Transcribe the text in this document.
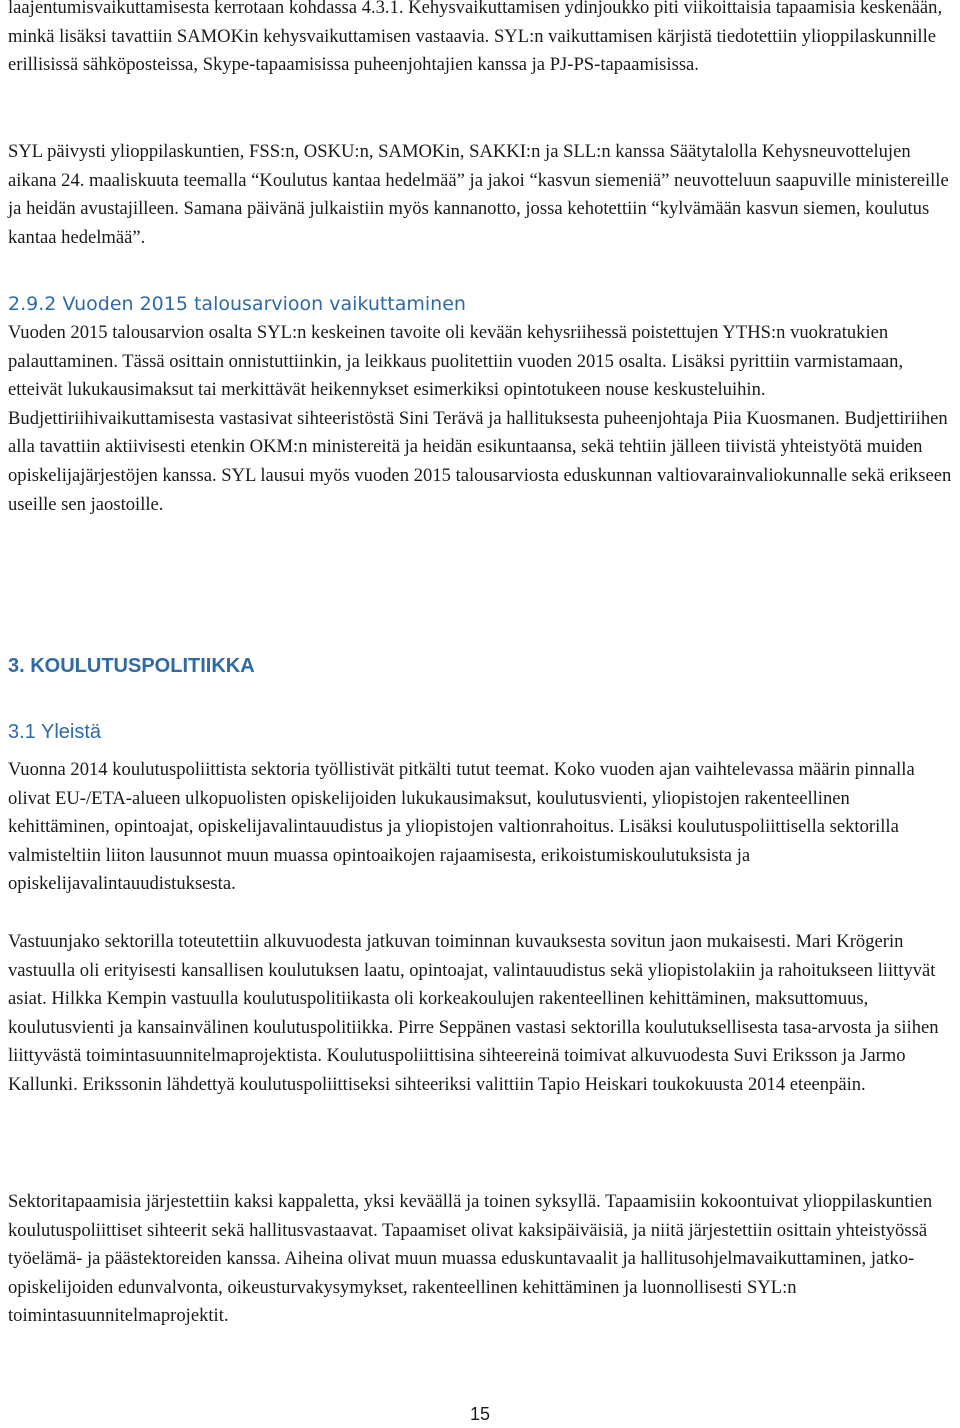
laajentumisvaikuttamisesta kerrotaan kohdassa 4.3.1. Kehysvaikuttamisen ydinjoukko piti viikoittaisia tapaamisia keskenään, minkä lisäksi tavattiin SAMOKin kehysvaikuttamisen vastaavia. SYL:n vaikuttamisen kärjistä tiedotettiin ylioppilaskunnille erillisissä sähköposteissa, Skype-tapaamisissa puheenjohtajien kanssa ja PJ-PS-tapaamisissa.

SYL päivysti ylioppilaskuntien, FSS:n, OSKU:n, SAMOKin, SAKKI:n ja SLL:n kanssa Säätytalolla Kehysneuvottelujen aikana 24. maaliskuuta teemalla “Koulutus kantaa hedelmää” ja jakoi “kasvun siemeniä” neuvotteluun saapuville ministereille ja heidän avustajilleen. Samana päivänä julkaistiin myös kannanotto, jossa kehotettiin “kylvämään kasvun siemen, koulutus kantaa hedelmää”.

2.9.2 Vuoden 2015 talousarvioon vaikuttaminen

Vuoden 2015 talousarvion osalta SYL:n keskeinen tavoite oli kevään kehysriihessä poistettujen YTHS:n vuokratukien palauttaminen. Tässä osittain onnistuttiinkin, ja leikkaus puolitettiin vuoden 2015 osalta. Lisäksi pyrittiin varmistamaan, etteivät lukukausimaksut tai merkittävät heikennykset esimerkiksi opintotukeen nouse keskusteluihin. Budjettiriihivaikuttamisesta vastasivat sihteeristöstä Sini Terävä ja hallituksesta puheenjohtaja Piia Kuosmanen. Budjettiriihen alla tavattiin aktiivisesti etenkin OKM:n ministereitä ja heidän esikuntaansa, sekä tehtiin jälleen tiivistä yhteistyötä muiden opiskelijajärjestöjen kanssa. SYL lausui myös vuoden 2015 talousarviosta eduskunnan valtiovarainvaliokunnalle sekä erikseen useille sen jaostoille.

3. KOULUTUSPOLITIIKKA
3.1 Yleistä

Vuonna 2014 koulutuspoliittista sektoria työllistivät pitkälti tutut teemat. Koko vuoden ajan vaihtelevassa määrin pinnalla olivat EU-/ETA-alueen ulkopuolisten opiskelijoiden lukukausimaksut, koulutusvienti, yliopistojen rakenteellinen kehittäminen, opintoajat, opiskelijavalintauudistus ja yliopistojen valtionrahoitus. Lisäksi koulutuspoliittisella sektorilla valmisteltiin liiton lausunnot muun muassa opintoaikojen rajaamisesta, erikoistumiskoulutuksista ja opiskelijavalintauudistuksesta.

Vastuunjako sektorilla toteutettiin alkuvuodesta jatkuvan toiminnan kuvauksesta sovitun jaon mukaisesti. Mari Krögerin vastuulla oli erityisesti kansallisen koulutuksen laatu, opintoajat, valintauudistus sekä yliopistolakiin ja rahoitukseen liittyvät asiat. Hilkka Kempin vastuulla koulutuspolitiikasta oli korkeakoulujen rakenteellinen kehittäminen, maksuttomuus, koulutusvienti ja kansainvälinen koulutuspolitiikka. Pirre Seppänen vastasi sektorilla koulutuksellisesta tasa-arvosta ja siihen liittyvästä toimintasuunnitelmaprojektista. Koulutuspoliittisina sihteereinä toimivat alkuvuodesta Suvi Eriksson ja Jarmo Kallunki. Erikssonin lähdettyä koulutuspoliittiseksi sihteeriksi valittiin Tapio Heiskari toukokuusta 2014 eteenpäin.

Sektoritapaamisia järjestettiin kaksi kappaletta, yksi keväällä ja toinen syksyllä. Tapaamisiin kokoontuivat ylioppilaskuntien koulutuspoliittiset sihteerit sekä hallitusvastaavat. Tapaamiset olivat kaksipäiväisiä, ja niitä järjestettiin osittain yhteistyössä työelämä- ja päästektoreiden kanssa. Aiheina olivat muun muassa eduskuntavaalit ja hallitusohjelmavaikuttaminen, jatko-opiskelijoiden edunvalvonta, oikeusturvakysymykset, rakenteellinen kehittäminen ja luonnollisesti SYL:n toimintasuunnitelmaprojektit.

15
